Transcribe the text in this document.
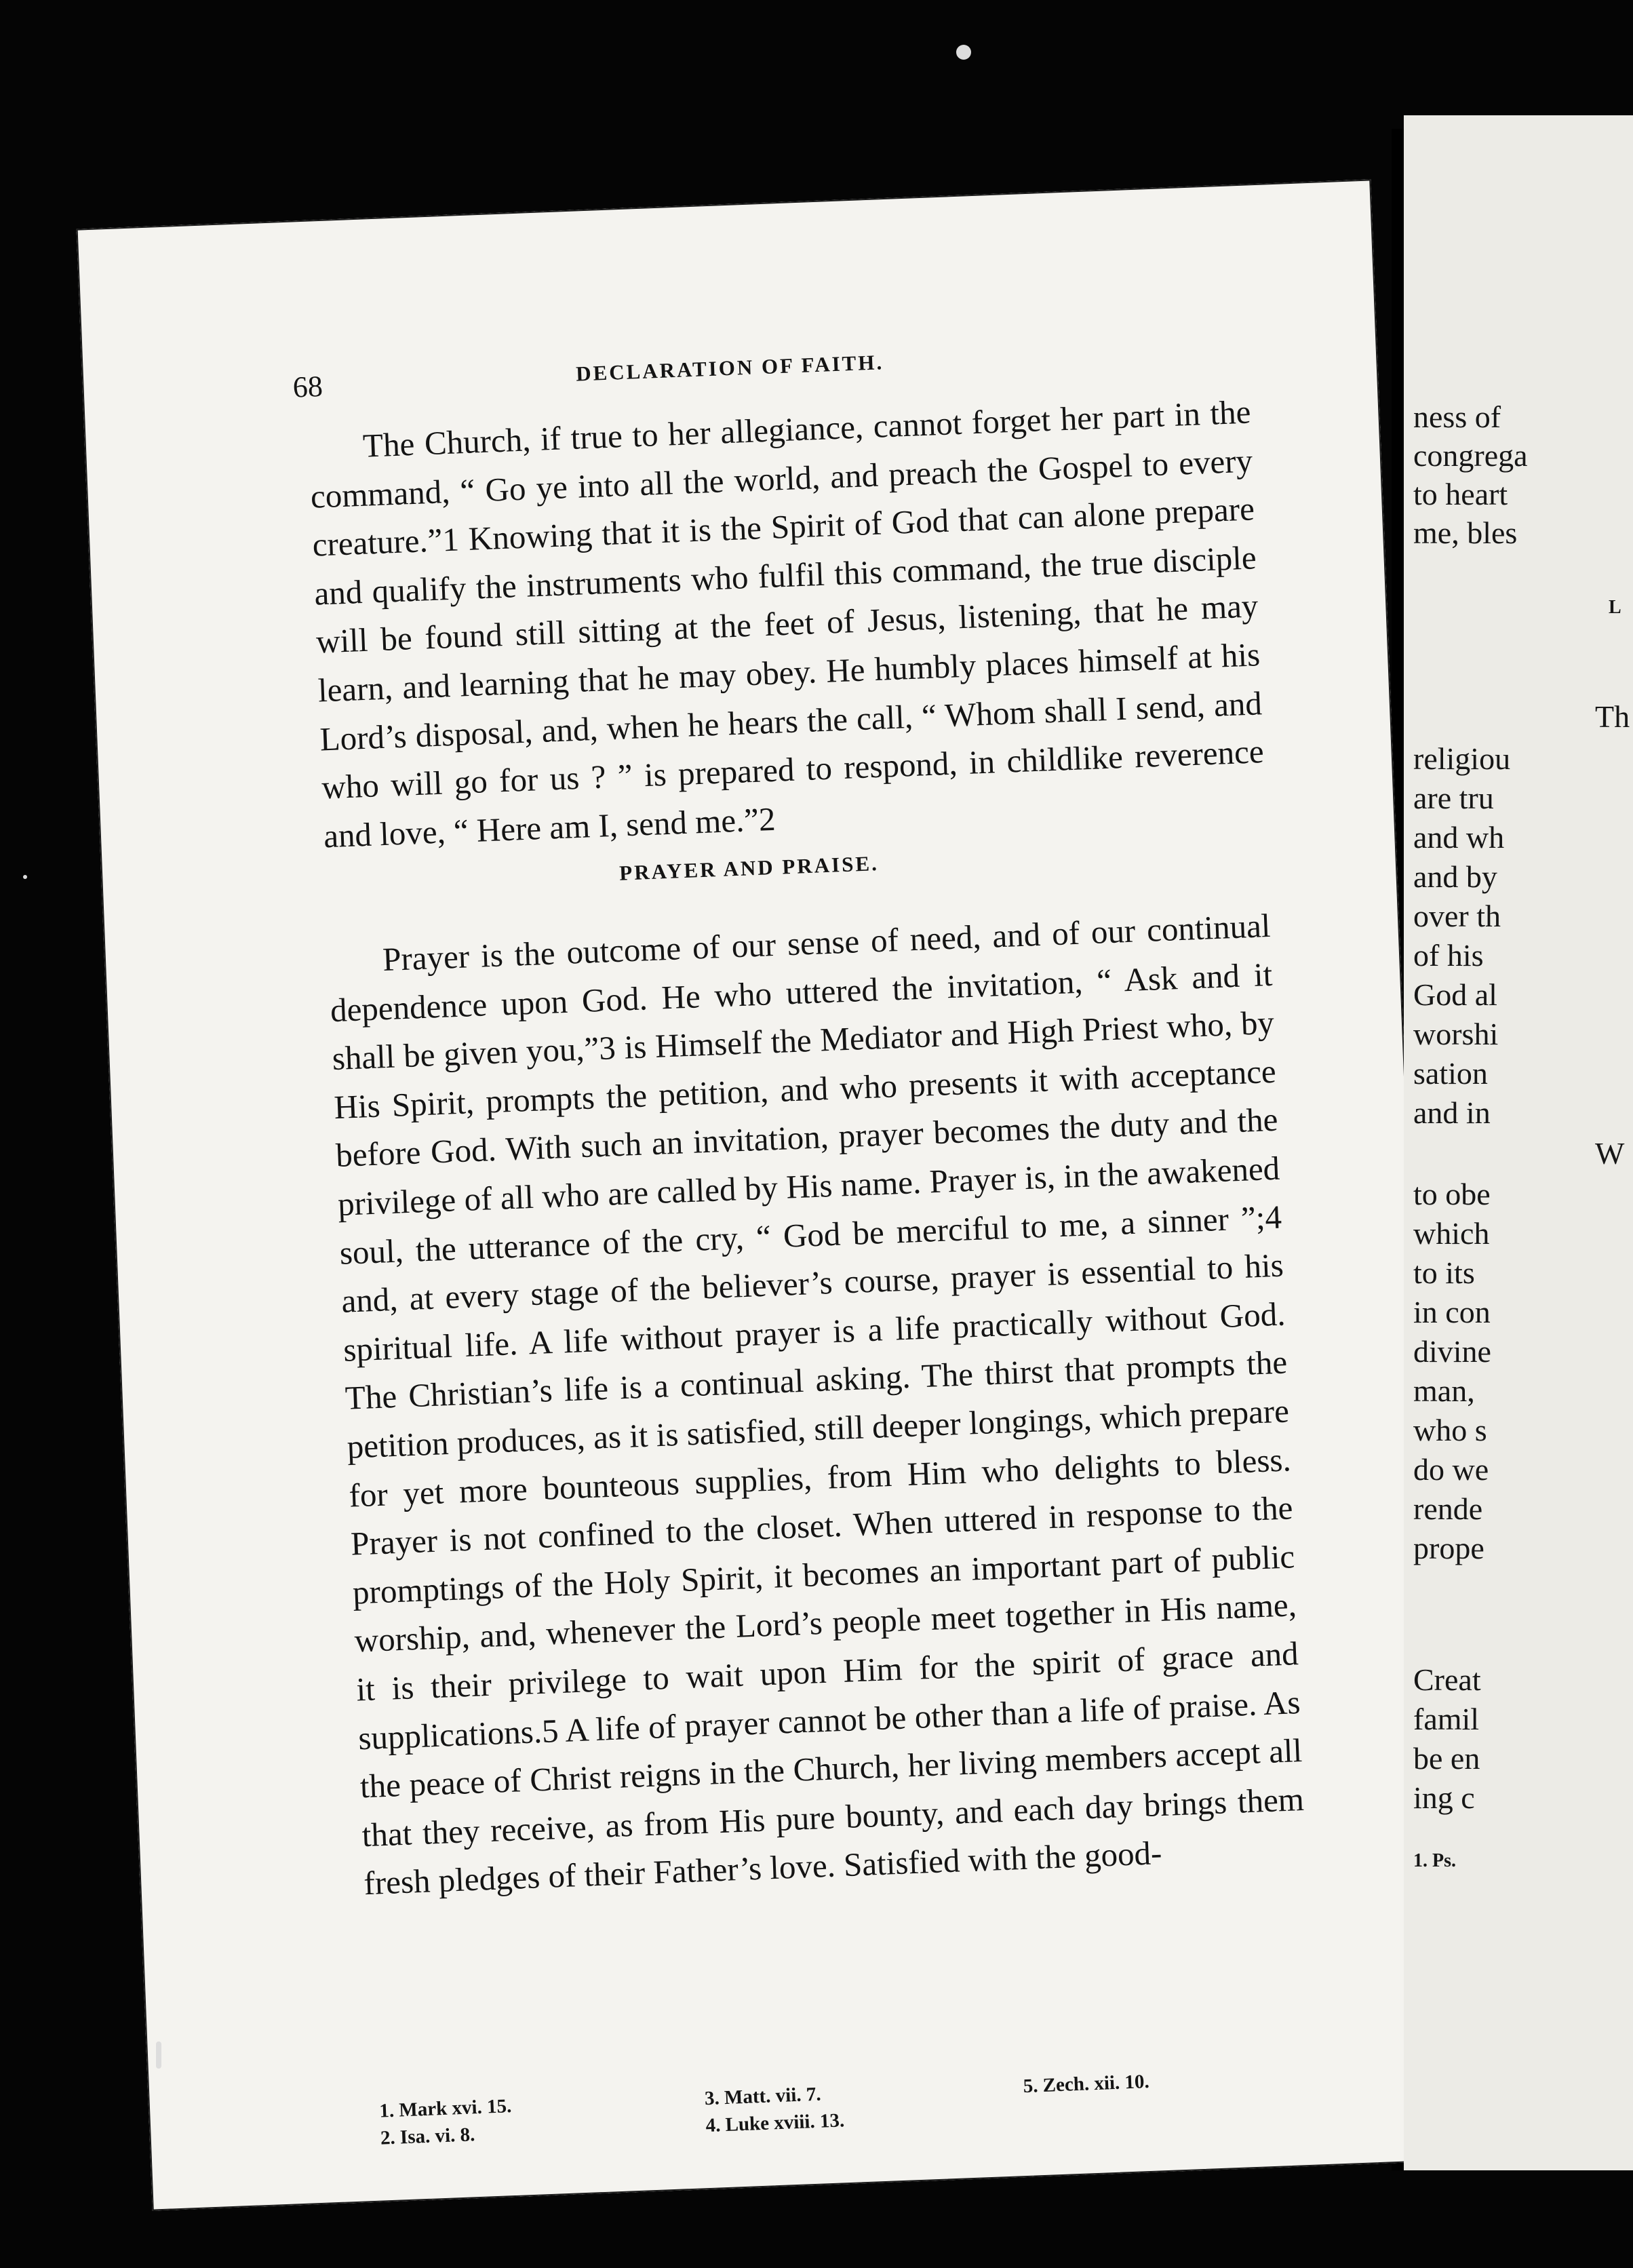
68
DECLARATION OF FAITH.

The Church, if true to her allegiance, cannot forget her part in the command, “ Go ye into all the world, and preach the Gospel to every creature.”1 Knowing that it is the Spirit of God that can alone prepare and qualify the instruments who fulfil this command, the true disciple will be found still sitting at the feet of Jesus, listening, that he may learn, and learning that he may obey. He humbly places himself at his Lord’s disposal, and, when he hears the call, “ Whom shall I send, and who will go for us ? ” is prepared to respond, in childlike reverence and love, “ Here am I, send me.”2

PRAYER AND PRAISE.

Prayer is the outcome of our sense of need, and of our continual dependence upon God. He who uttered the invitation, “ Ask and it shall be given you,”3 is Himself the Mediator and High Priest who, by His Spirit, prompts the petition, and who presents it with acceptance before God. With such an invitation, prayer becomes the duty and the privilege of all who are called by His name. Prayer is, in the awakened soul, the utterance of the cry, “ God be merciful to me, a sinner ”;4 and, at every stage of the believer’s course, prayer is essential to his spiritual life. A life without prayer is a life practically without God. The Christian’s life is a continual asking. The thirst that prompts the petition produces, as it is satisfied, still deeper longings, which prepare for yet more bounteous supplies, from Him who delights to bless. Prayer is not confined to the closet. When uttered in response to the promptings of the Holy Spirit, it becomes an important part of public worship, and, whenever the Lord’s people meet together in His name, it is their privilege to wait upon Him for the spirit of grace and supplications.5 A life of prayer cannot be other than a life of praise. As the peace of Christ reigns in the Church, her living members accept all that they receive, as from His pure bounty, and each day brings them fresh pledges of their Father’s love. Satisfied with the good-

1. Mark xvi. 15.
2. Isa. vi. 8.
3. Matt. vii. 7.
4. Luke xviii. 13.
5. Zech. xii. 10.
ness of
congrega
to heart
me, bles
L
Th
religiou
are tru
and wh
and by
over th
of his
God al
worshi
sation
and in
W
to obe
which
to its
in con
divine
man,
who s
do we
rende
prope
Creat
famil
be en
ing c
1. Ps.
